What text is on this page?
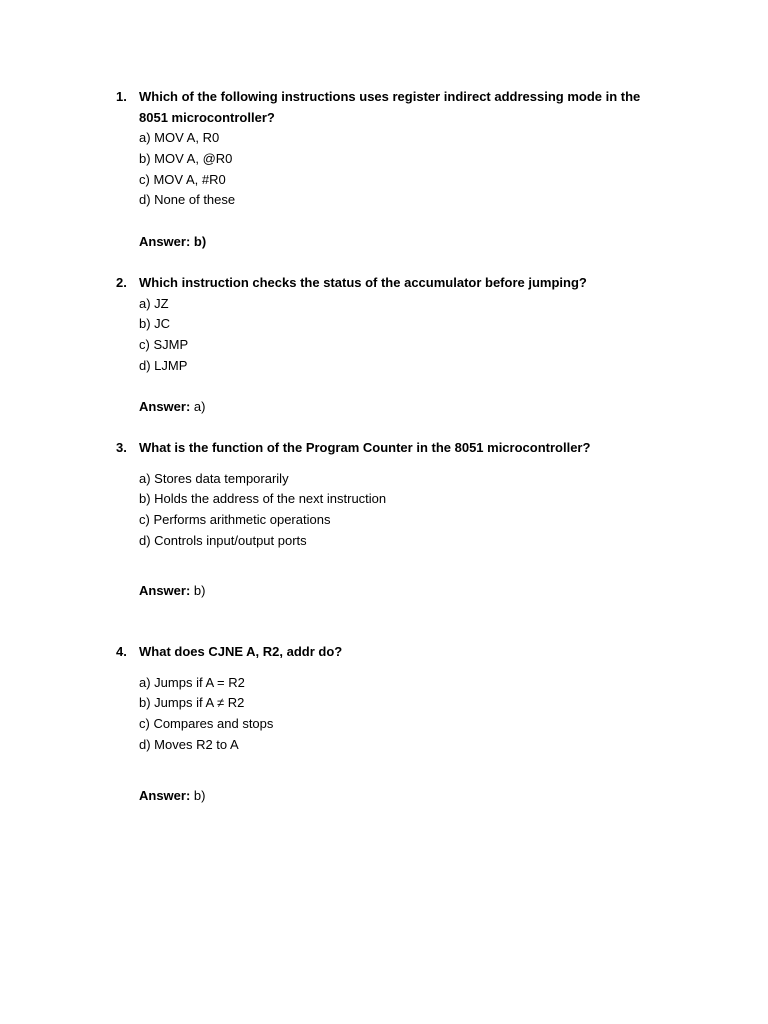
1. Which of the following instructions uses register indirect addressing mode in the
8051 microcontroller?
a) MOV A, R0
b) MOV A, @R0
c) MOV A, #R0
d) None of these
Answer: b)
2. Which instruction checks the status of the accumulator before jumping?
a) JZ
b) JC
c) SJMP
d) LJMP
Answer: a)
3. What is the function of the Program Counter in the 8051 microcontroller?
a) Stores data temporarily
b) Holds the address of the next instruction
c) Performs arithmetic operations
d) Controls input/output ports
Answer: b)
4. What does CJNE A, R2, addr do?
a) Jumps if A = R2
b) Jumps if A ≠ R2
c) Compares and stops
d) Moves R2 to A
Answer: b)
